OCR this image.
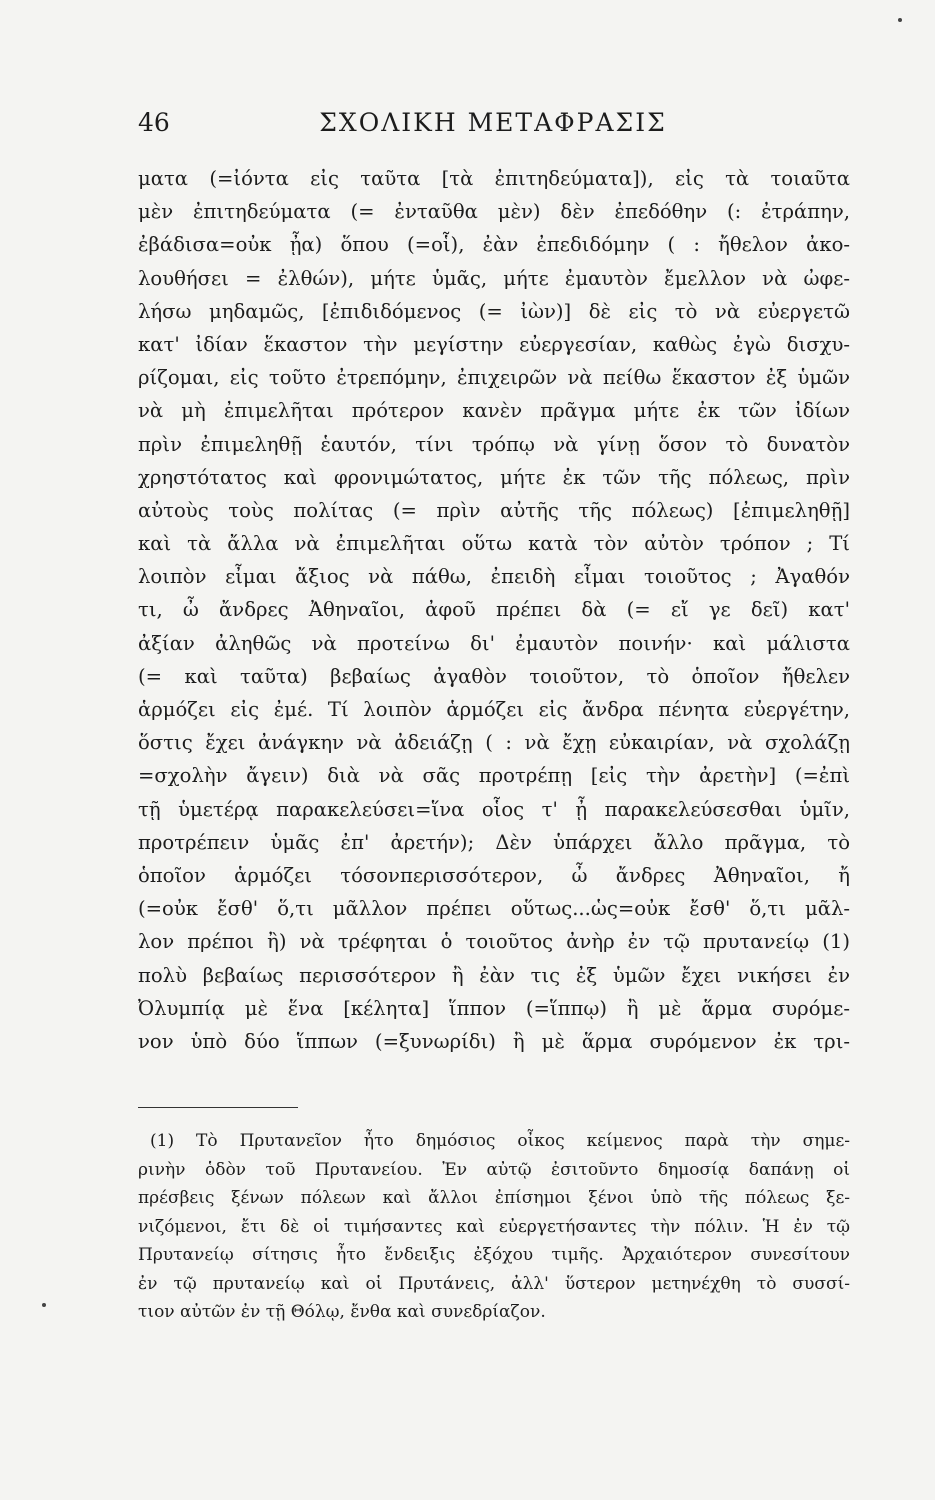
46	ΣΧΟΛΙΚΗ ΜΕΤΑΦΡΑΣΙΣ
ματα (=ἰόντα εἰς ταῦτα [τὰ ἐπιτηδεύματα]), εἰς τὰ τοιαῦτα
μὲν ἐπιτηδεύματα (= ἐνταῦθα μὲν) δὲν ἐπεδόθην (: ἐτράπην,
ἐβάδισα=οὐκ ᾖα) ὅπου (=οἷ), ἐὰν ἐπεδιδόμην ( : ἤθελον ἀκο-
λουθήσει = ἐλθών), μήτε ὑμᾶς, μήτε ἐμαυτὸν ἔμελλον νὰ ὠφε-
λήσω μηδαμῶς, [ἐπιδιδόμενος (= ἰὼν)] δὲ εἰς τὸ νὰ εὐεργετῶ
κατ' ἰδίαν ἕκαστον τὴν μεγίστην εὐεργεσίαν, καθὼς ἐγὼ δισχυ-
ρίζομαι, εἰς τοῦτο ἐτρεπόμην, ἐπιχειρῶν νὰ πείθω ἕκαστον ἐξ ὑμῶν
νὰ μὴ ἐπιμελῆται πρότερον κανὲν πρᾶγμα μήτε ἐκ τῶν ἰδίων
πρὶν ἐπιμεληθῇ ἑαυτόν, τίνι τρόπῳ νὰ γίνῃ ὅσον τὸ δυνατὸν
χρηστότατος καὶ φρονιμώτατος, μήτε ἐκ τῶν τῆς πόλεως, πρὶν
αὐτοὺς τοὺς πολίτας (= πρὶν αὐτῆς τῆς πόλεως) [ἐπιμεληθῇ]
καὶ τὰ ἄλλα νὰ ἐπιμελῆται οὕτω κατὰ τὸν αὐτὸν τρόπον ; Τί
λοιπὸν εἶμαι ἄξιος νὰ πάθω, ἐπειδὴ εἶμαι τοιοῦτος ; Ἀγαθόν
τι, ὦ ἄνδρες Ἀθηναῖοι, ἀφοῦ πρέπει δὰ (= εἴ γε δεῖ) κατ'
ἀξίαν ἀληθῶς νὰ προτείνω δι' ἐμαυτὸν ποινήν· καὶ μάλιστα
(= καὶ ταῦτα) βεβαίως ἀγαθὸν τοιοῦτον, τὸ ὁποῖον ἤθελεν
ἁρμόζει εἰς ἐμέ. Τί λοιπὸν ἁρμόζει εἰς ἄνδρα πένητα εὐεργέτην,
ὅστις ἔχει ἀνάγκην νὰ ἀδειάζῃ ( : νὰ ἔχῃ εὐκαιρίαν, νὰ σχολάζῃ
=σχολὴν ἄγειν) διὰ νὰ σᾶς προτρέπῃ [εἰς τὴν ἀρετὴν] (=ἐπὶ
τῇ ὑμετέρᾳ παρακελεύσει=ἵνα οἷος τ' ᾖ παρακελεύσεσθαι ὑμῖν,
προτρέπειν ὑμᾶς ἐπ' ἀρετήν); Δὲν ὑπάρχει ἄλλο πρᾶγμα, τὸ
ὁποῖον ἁρμόζει τόσονπερισσότερον, ὦ ἄνδρες Ἀθηναῖοι, ἤ
(=οὐκ ἔσθ' ὅ,τι μᾶλλον πρέπει οὕτως...ὡς=οὐκ ἔσθ' ὅ,τι μᾶλ-
λον πρέποι ἢ) νὰ τρέφηται ὁ τοιοῦτος ἀνὴρ ἐν τῷ πρυτανείῳ (1)
πολὺ βεβαίως περισσότερον ἢ ἐὰν τις ἐξ ὑμῶν ἔχει νικήσει ἐν
Ὀλυμπίᾳ μὲ ἕνα [κέλητα] ἵππον (=ἵππῳ) ἢ μὲ ἅρμα συρόμε-
νον ὑπὸ δύο ἵππων (=ξυνωρίδι) ἢ μὲ ἅρμα συρόμενον ἐκ τρι-
(1) Τὸ Πρυτανεῖον ἦτο δημόσιος οἶκος κείμενος παρὰ τὴν σημε-
ρινὴν ὁδὸν τοῦ Πρυτανείου. Ἐν αὐτῷ ἐσιτοῦντο δημοσίᾳ δαπάνῃ οἱ
πρέσβεις ξένων πόλεων καὶ ἄλλοι ἐπίσημοι ξένοι ὑπὸ τῆς πόλεως ξε-
νιζόμενοι, ἔτι δὲ οἱ τιμήσαντες καὶ εὐεργετήσαντες τὴν πόλιν. Ἡ ἐν τῷ
Πρυτανείῳ σίτησις ἦτο ἔνδειξις ἐξόχου τιμῆς. Ἀρχαιότερον συνεσίτουν
ἐν τῷ πρυτανείῳ καὶ οἱ Πρυτάνεις, ἀλλ' ὕστερον μετηνέχθη τὸ συσσί-
τιον αὐτῶν ἐν τῇ Θόλῳ, ἔνθα καὶ συνεδρίαζον.
